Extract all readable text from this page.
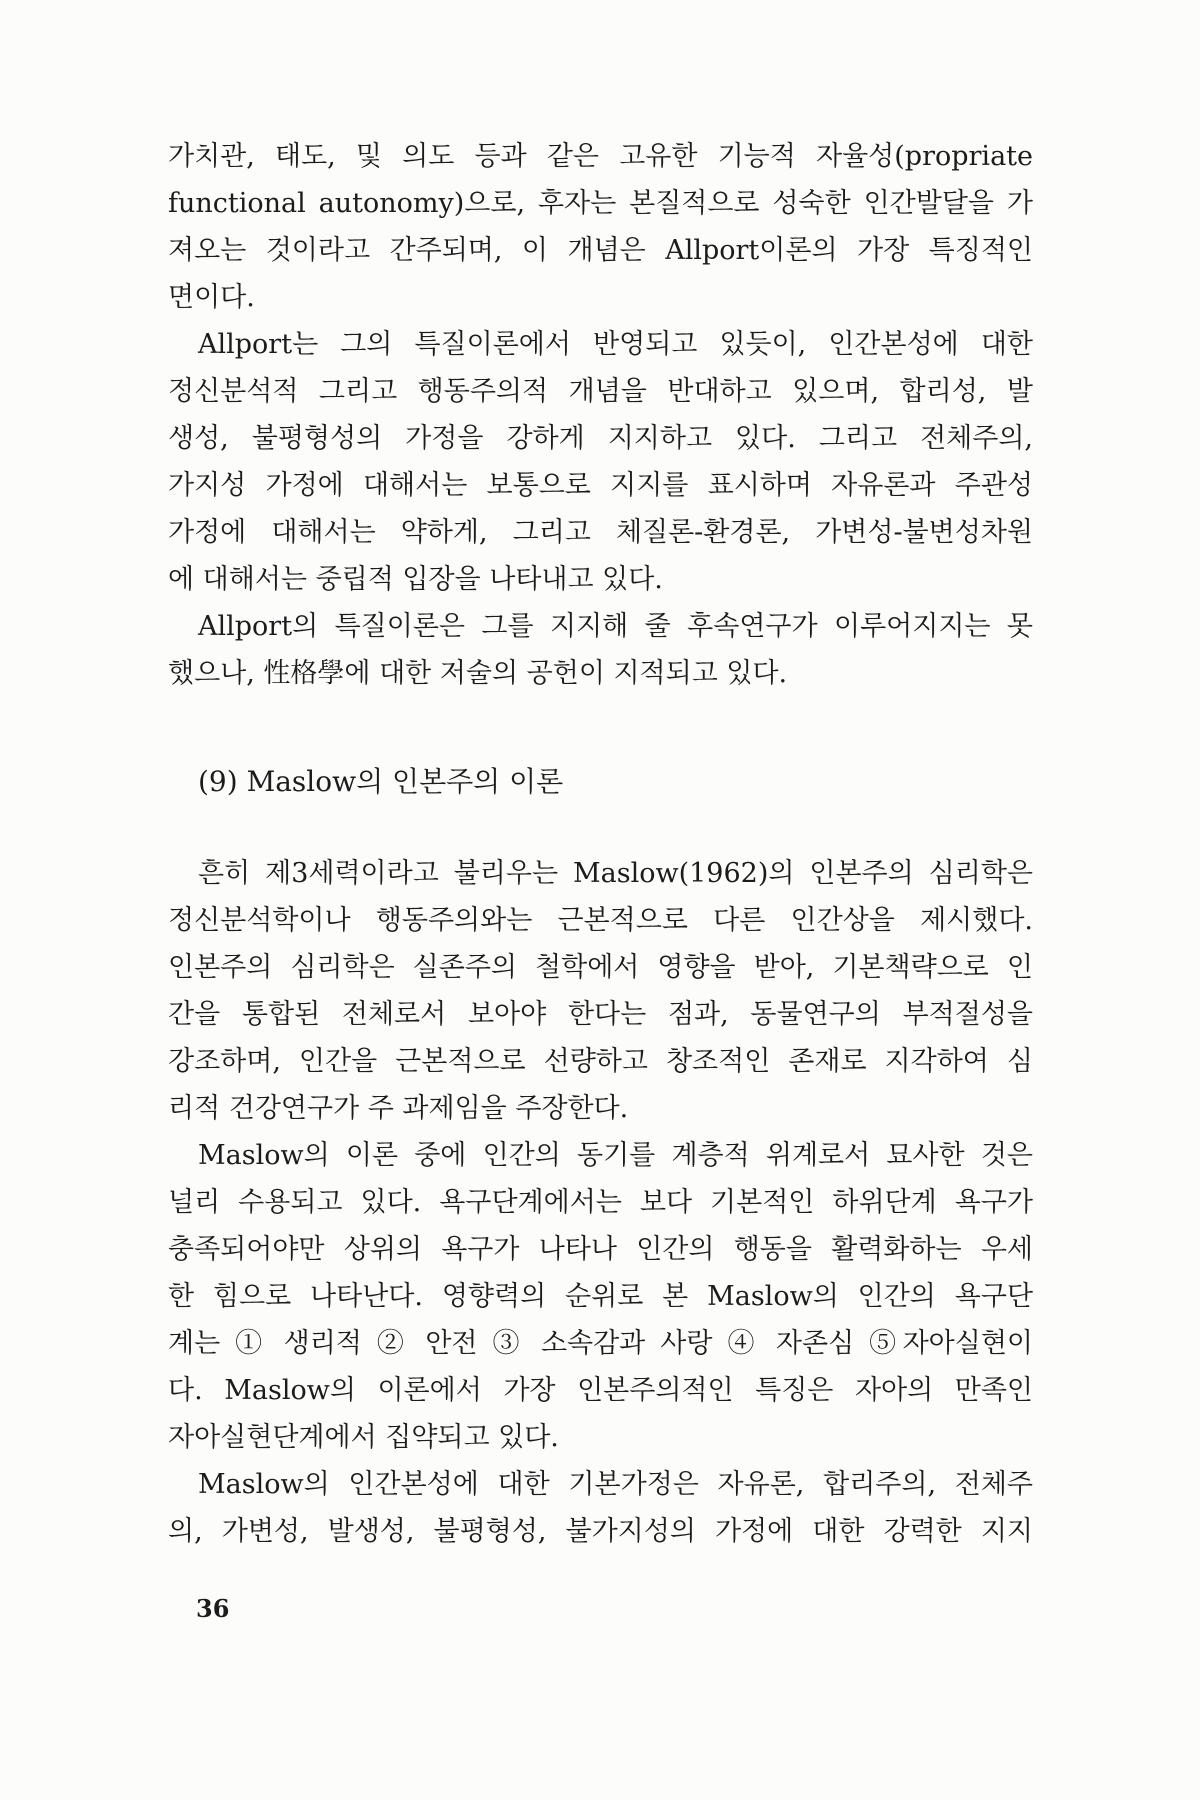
가치관, 태도, 및 의도 등과 같은 고유한 기능적 자율성(propriate
functional autonomy)으로, 후자는 본질적으로 성숙한 인간발달을 가
져오는 것이라고 간주되며, 이 개념은 Allport이론의 가장 특징적인
면이다.
Allport는 그의 특질이론에서 반영되고 있듯이, 인간본성에 대한
정신분석적 그리고 행동주의적 개념을 반대하고 있으며, 합리성, 발
생성, 불평형성의 가정을 강하게 지지하고 있다. 그리고 전체주의,
가지성 가정에 대해서는 보통으로 지지를 표시하며 자유론과 주관성
가정에 대해서는 약하게, 그리고 체질론-환경론, 가변성-불변성차원
에 대해서는 중립적 입장을 나타내고 있다.
Allport의 특질이론은 그를 지지해 줄 후속연구가 이루어지지는 못
했으나, 性格學에 대한 저술의 공헌이 지적되고 있다.
(9) Maslow의 인본주의 이론
흔히 제3세력이라고 불리우는 Maslow(1962)의 인본주의 심리학은
정신분석학이나 행동주의와는 근본적으로 다른 인간상을 제시했다.
인본주의 심리학은 실존주의 철학에서 영향을 받아, 기본책략으로 인
간을 통합된 전체로서 보아야 한다는 점과, 동물연구의 부적절성을
강조하며, 인간을 근본적으로 선량하고 창조적인 존재로 지각하여 심
리적 건강연구가 주 과제임을 주장한다.
Maslow의 이론 중에 인간의 동기를 계층적 위계로서 묘사한 것은
널리 수용되고 있다. 욕구단계에서는 보다 기본적인 하위단계 욕구가
충족되어야만 상위의 욕구가 나타나 인간의 행동을 활력화하는 우세
한 힘으로 나타난다. 영향력의 순위로 본 Maslow의 인간의 욕구단
계는 ① 생리적 ② 안전 ③ 소속감과 사랑 ④ 자존심 ⑤자아실현이
다. Maslow의 이론에서 가장 인본주의적인 특징은 자아의 만족인
자아실현단계에서 집약되고 있다.
Maslow의 인간본성에 대한 기본가정은 자유론, 합리주의, 전체주
의, 가변성, 발생성, 불평형성, 불가지성의 가정에 대한 강력한 지지
36
